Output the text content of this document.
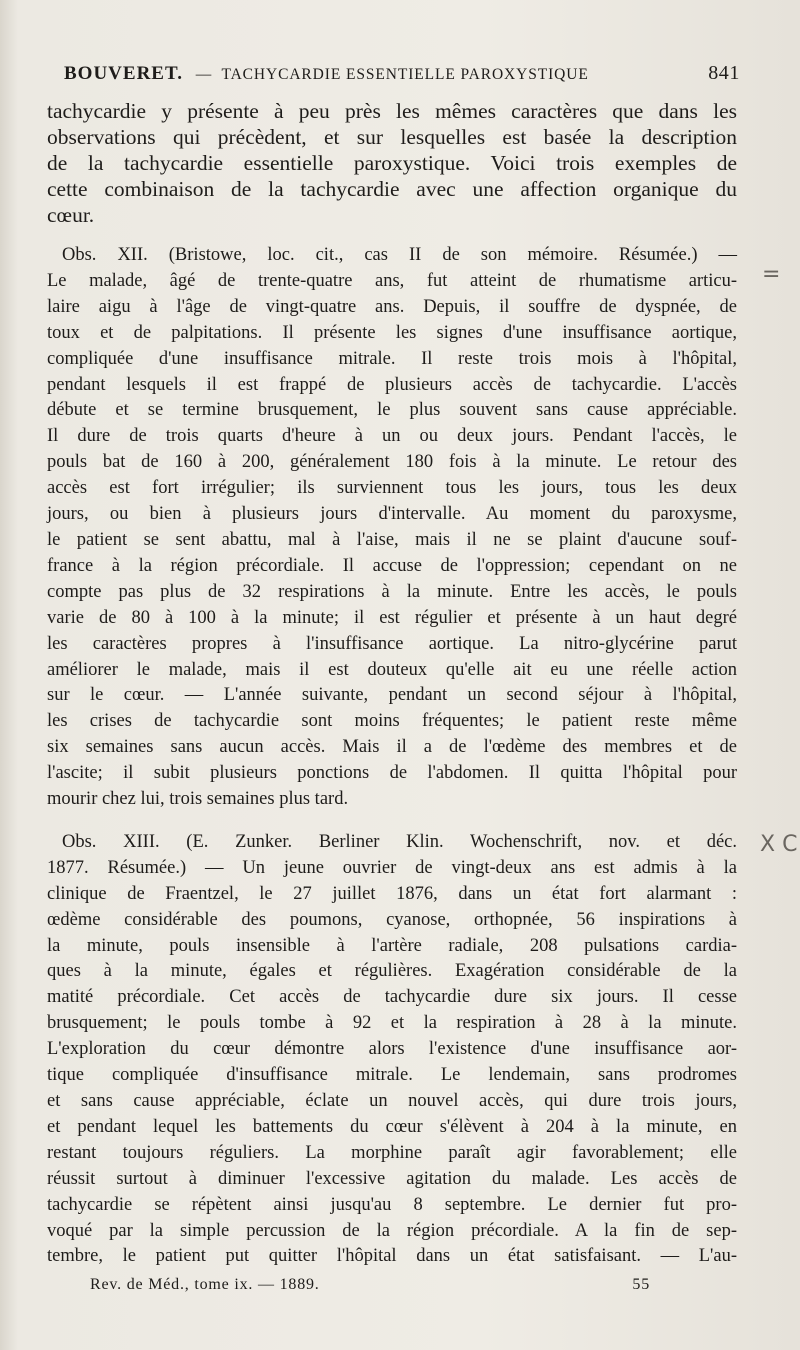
BOUVERET. — TACHYCARDIE ESSENTIELLE PAROXYSTIQUE	841
tachycardie y présente à peu près les mêmes caractères que dans les
observations qui précèdent, et sur lesquelles est basée la description
de la tachycardie essentielle paroxystique. Voici trois exemples de
cette combinaison de la tachycardie avec une affection organique du
cœur.
Obs. XII. (Bristowe, loc. cit., cas II de son mémoire. Résumée.) —
Le malade, âgé de trente-quatre ans, fut atteint de rhumatisme articu-
laire aigu à l'âge de vingt-quatre ans. Depuis, il souffre de dyspnée, de
toux et de palpitations. Il présente les signes d'une insuffisance aortique,
compliquée d'une insuffisance mitrale. Il reste trois mois à l'hôpital,
pendant lesquels il est frappé de plusieurs accès de tachycardie. L'accès
débute et se termine brusquement, le plus souvent sans cause appréciable.
Il dure de trois quarts d'heure à un ou deux jours. Pendant l'accès, le
pouls bat de 160 à 200, généralement 180 fois à la minute. Le retour des
accès est fort irrégulier; ils surviennent tous les jours, tous les deux
jours, ou bien à plusieurs jours d'intervalle. Au moment du paroxysme,
le patient se sent abattu, mal à l'aise, mais il ne se plaint d'aucune souf-
france à la région précordiale. Il accuse de l'oppression; cependant on ne
compte pas plus de 32 respirations à la minute. Entre les accès, le pouls
varie de 80 à 100 à la minute; il est régulier et présente à un haut degré
les caractères propres à l'insuffisance aortique. La nitro-glycérine parut
améliorer le malade, mais il est douteux qu'elle ait eu une réelle action
sur le cœur. — L'année suivante, pendant un second séjour à l'hôpital,
les crises de tachycardie sont moins fréquentes; le patient reste même
six semaines sans aucun accès. Mais il a de l'œdème des membres et de
l'ascite; il subit plusieurs ponctions de l'abdomen. Il quitta l'hôpital pour
mourir chez lui, trois semaines plus tard.
Obs. XIII. (E. Zunker. Berliner Klin. Wochenschrift, nov. et déc.
1877. Résumée.) — Un jeune ouvrier de vingt-deux ans est admis à la
clinique de Fraentzel, le 27 juillet 1876, dans un état fort alarmant :
œdème considérable des poumons, cyanose, orthopnée, 56 inspirations à
la minute, pouls insensible à l'artère radiale, 208 pulsations cardia-
ques à la minute, égales et régulières. Exagération considérable de la
matité précordiale. Cet accès de tachycardie dure six jours. Il cesse
brusquement; le pouls tombe à 92 et la respiration à 28 à la minute.
L'exploration du cœur démontre alors l'existence d'une insuffisance aor-
tique compliquée d'insuffisance mitrale. Le lendemain, sans prodromes
et sans cause appréciable, éclate un nouvel accès, qui dure trois jours,
et pendant lequel les battements du cœur s'élèvent à 204 à la minute, en
restant toujours réguliers. La morphine paraît agir favorablement; elle
réussit surtout à diminuer l'excessive agitation du malade. Les accès de
tachycardie se répètent ainsi jusqu'au 8 septembre. Le dernier fut pro-
voqué par la simple percussion de la région précordiale. A la fin de sep-
tembre, le patient put quitter l'hôpital dans un état satisfaisant. — L'au-
=
X C
Rev. de Méd., tome ix. — 1889.	55
